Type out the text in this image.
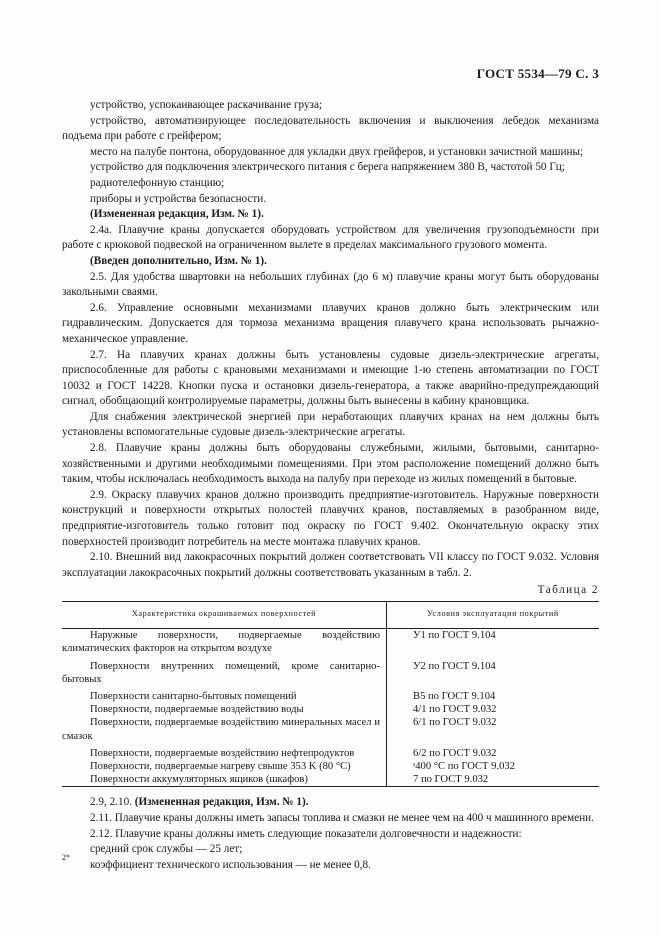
ГОСТ 5534—79 С. 3

устройство, успокаивающее раскачивание груза;

устройство, автоматизирующее последовательность включения и выключения лебедок механизма подъема при работе с грейфером;

место на палубе понтона, оборудованное для укладки двух грейферов, и установки зачистной машины;

устройство для подключения электрического питания с берега напряжением 380 В, частотой 50 Гц;

радиотелефонную станцию;

приборы и устройства безопасности.

(Измененная редакция, Изм. № 1).

2.4а. Плавучие краны допускается оборудовать устройством для увеличения грузоподъемности при работе с крюковой подвеской на ограниченном вылете в пределах максимального грузового момента.

(Введен дополнительно, Изм. № 1).

2.5. Для удобства швартовки на небольших глубинах (до 6 м) плавучие краны могут быть оборудованы закольными сваями.

2.6. Управление основными механизмами плавучих кранов должно быть электрическим или гидравлическим. Допускается для тормоза механизма вращения плавучего крана использовать рычажно-механическое управление.

2.7. На плавучих кранах должны быть установлены судовые дизель-электрические агрегаты, приспособленные для работы с крановыми механизмами и имеющие 1-ю степень автоматизации по ГОСТ 10032 и ГОСТ 14228. Кнопки пуска и остановки дизель-генератора, а также аварийно-предупреждающий сигнал, обобщающий контролируемые параметры, должны быть вынесены в кабину крановщика.

Для снабжения электрической энергией при неработающих плавучих кранах на нем должны быть установлены вспомогательные судовые дизель-электрические агрегаты.

2.8. Плавучие краны должны быть оборудованы служебными, жилыми, бытовыми, санитарно-хозяйственными и другими необходимыми помещениями. При этом расположение помещений должно быть таким, чтобы исключалась необходимость выхода на палубу при переходе из жилых помещений в бытовые.

2.9. Окраску плавучих кранов должно производить предприятие-изготовитель. Наружные поверхности конструкций и поверхности открытых полостей плавучих кранов, поставляемых в разобранном виде, предприятие-изготовитель только готовит под окраску по ГОСТ 9.402. Окончательную окраску этих поверхностей производит потребитель на месте монтажа плавучих кранов.

2.10. Внешний вид лакокрасочных покрытий должен соответствовать VII классу по ГОСТ 9.032. Условия эксплуатации лакокрасочных покрытий должны соответствовать указанным в табл. 2.

Таблица 2
Характеристика окрашиваемых поверхностей	Условия эксплуатации покрытий

Наружные поверхности, подвергаемые воздействию климатических факторов на открытом воздухе	У1 по ГОСТ 9.104

Поверхности внутренних помещений, кроме санитарно-бытовых	У2 по ГОСТ 9.104

Поверхности санитарно-бытовых помещений	В5 по ГОСТ 9.104

Поверхности, подвергаемые воздействию воды	4/1 по ГОСТ 9.032

Поверхности, подвергаемые воздействию минеральных масел и смазок	6/1 по ГОСТ 9.032

Поверхности, подвергаемые воздействию нефтепродуктов	6/2 по ГОСТ 9.032

Поверхности, подвергаемые нагреву свыше 353 K (80 °С)	ˢ400 °С по ГОСТ 9.032

Поверхности аккумуляторных ящиков (шкафов)	7 по ГОСТ 9.032

2.9, 2.10. (Измененная редакция, Изм. № 1).

2.11. Плавучие краны должны иметь запасы топлива и смазки не менее чем на 400 ч машинного времени.

2.12. Плавучие краны должны иметь следующие показатели долговечности и надежности:

средний срок службы — 25 лет;

коэффициент технического использования — не менее 0,8.

2*
